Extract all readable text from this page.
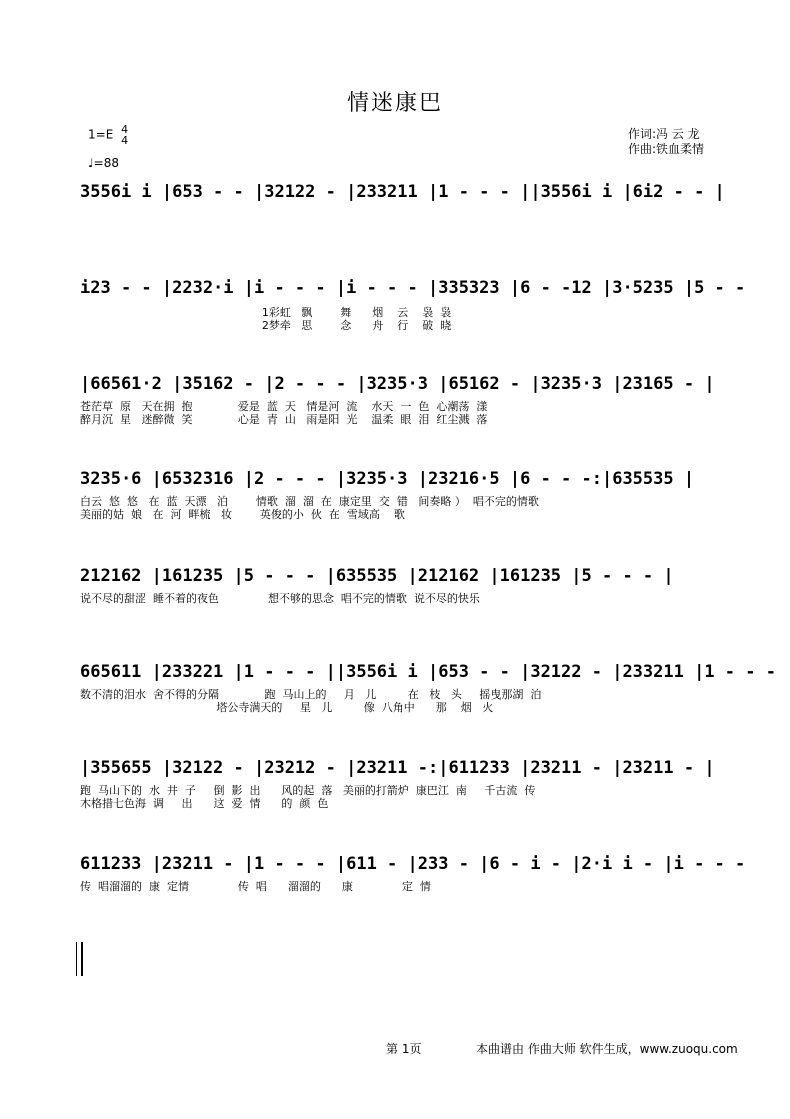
情迷康巴
1=E 4
4
♩=88
作词:冯 云 龙
作曲:铁血柔情
3556i i |653 - - |32122 - |233211 |1 - - - ||3556i i |6i2 - - |
i23 - - |2232·i |i - - - |i - - - |335323 |6 - -12 |3·5235 |5 - -
1彩虹   飘        舞      烟    云    袅  袅
2梦牵   思        念      舟    行    破  晓
|66561·2 |35162 - |2 - - - |3235·3 |65162 - |3235·3 |23165 - |
苍茫草  原   天在拥  抱             爱是  蓝  天   情是河  流    水天  一  色  心潮荡  漾
醉月沉  星   迷醉微  笑             心是  青  山   雨是阳  光    温柔  眼  泪  红尘溅  落
3235·6 |6532316 |2 - - - |3235·3 |23216·5 |6 - - -:|635535 |
白云  悠  悠   在  蓝  天漂   泊        情歌  溜  溜  在  康定里  交  错   间奏略 ）  唱不完的情歌
美丽的姑  娘   在  河  畔梳   妆        英俊的小  伙  在  雪域高    歌
212162 |161235 |5 - - - |635535 |212162 |161235 |5 - - - |
说不尽的甜涩  睡不着的夜色              想不够的思念  唱不完的情歌  说不尽的快乐
665611 |233221 |1 - - - ||3556i i |653 - - |32122 - |233211 |1 - - -
数不清的泪水  舍不得的分隔             跑  马山上的     月   儿         在   枝   头     摇曳那湖  泊
塔公寺满天的     星   儿         像  八角中      那    烟   火
|355655 |32122 - |23212 - |23211 -:|611233 |23211 - |23211 - |
跑  马山下的  水  井  子     倒  影  出      风的起  落   美丽的打箭炉  康巴江  南     千古流  传
木格措七色海  调     出      这  爱  情      的  颜  色
611233 |23211 - |1 - - - |611 - |233 - |6 - i - |2·i i - |i - - -
传  唱溜溜的  康  定情              传  唱      溜溜的      康              定  情
第 1页	本曲谱由 作曲大师 软件生成，www.zuoqu.com
